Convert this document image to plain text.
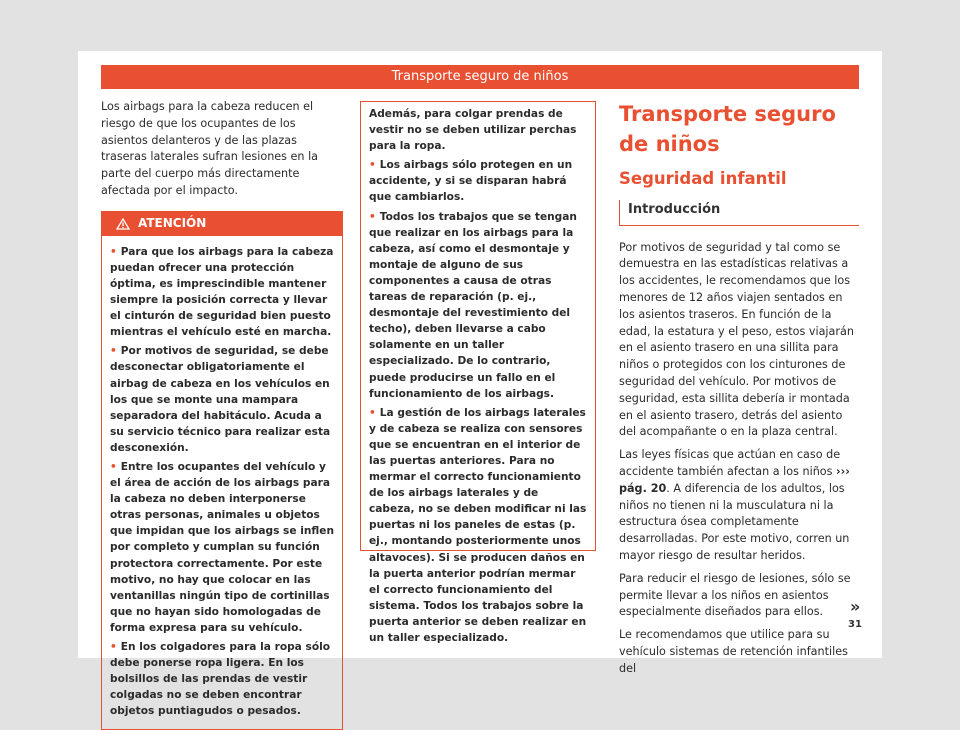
Transporte seguro de niños

Los airbags para la cabeza reducen el riesgo de que los ocupantes de los asientos delanteros y de las plazas traseras laterales sufran lesiones en la parte del cuerpo más directamente afectada por el impacto.

ATENCIÓN

• Para que los airbags para la cabeza puedan ofrecer una protección óptima, es imprescindible mantener siempre la posición correcta y llevar el cinturón de seguridad bien puesto mientras el vehículo esté en marcha.

• Por motivos de seguridad, se debe desconectar obligatoriamente el airbag de cabeza en los vehículos en los que se monte una mampara separadora del habitáculo. Acuda a su servicio técnico para realizar esta desconexión.

• Entre los ocupantes del vehículo y el área de acción de los airbags para la cabeza no deben interponerse otras personas, animales u objetos que impidan que los airbags se inflen por completo y cumplan su función protectora correctamente. Por este motivo, no hay que colocar en las ventanillas ningún tipo de cortinillas que no hayan sido homologadas de forma expresa para su vehículo.

• En los colgadores para la ropa sólo debe ponerse ropa ligera. En los bolsillos de las prendas de vestir colgadas no se deben encontrar objetos puntiagudos o pesados.

Además, para colgar prendas de vestir no se deben utilizar perchas para la ropa.

• Los airbags sólo protegen en un accidente, y si se disparan habrá que cambiarlos.

• Todos los trabajos que se tengan que realizar en los airbags para la cabeza, así como el desmontaje y montaje de alguno de sus componentes a causa de otras tareas de reparación (p. ej., desmontaje del revestimiento del techo), deben llevarse a cabo solamente en un taller especializado. De lo contrario, puede producirse un fallo en el funcionamiento de los airbags.

• La gestión de los airbags laterales y de cabeza se realiza con sensores que se encuentran en el interior de las puertas anteriores. Para no mermar el correcto funcionamiento de los airbags laterales y de cabeza, no se deben modificar ni las puertas ni los paneles de estas (p. ej., montando posteriormente unos altavoces). Si se producen daños en la puerta anterior podrían mermar el correcto funcionamiento del sistema. Todos los trabajos sobre la puerta anterior se deben realizar en un taller especializado.

Transporte seguro de niños
Seguridad infantil
Introducción

Por motivos de seguridad y tal como se demuestra en las estadísticas relativas a los accidentes, le recomendamos que los menores de 12 años viajen sentados en los asientos traseros. En función de la edad, la estatura y el peso, estos viajarán en el asiento trasero en una sillita para niños o protegidos con los cinturones de seguridad del vehículo. Por motivos de seguridad, esta sillita debería ir montada en el asiento trasero, detrás del asiento del acompañante o en la plaza central.

Las leyes físicas que actúan en caso de accidente también afectan a los niños ››› pág. 20. A diferencia de los adultos, los niños no tienen ni la musculatura ni la estructura ósea completamente desarrolladas. Por este motivo, corren un mayor riesgo de resultar heridos.

Para reducir el riesgo de lesiones, sólo se permite llevar a los niños en asientos especialmente diseñados para ellos.

Le recomendamos que utilice para su vehículo sistemas de retención infantiles del

»
31
